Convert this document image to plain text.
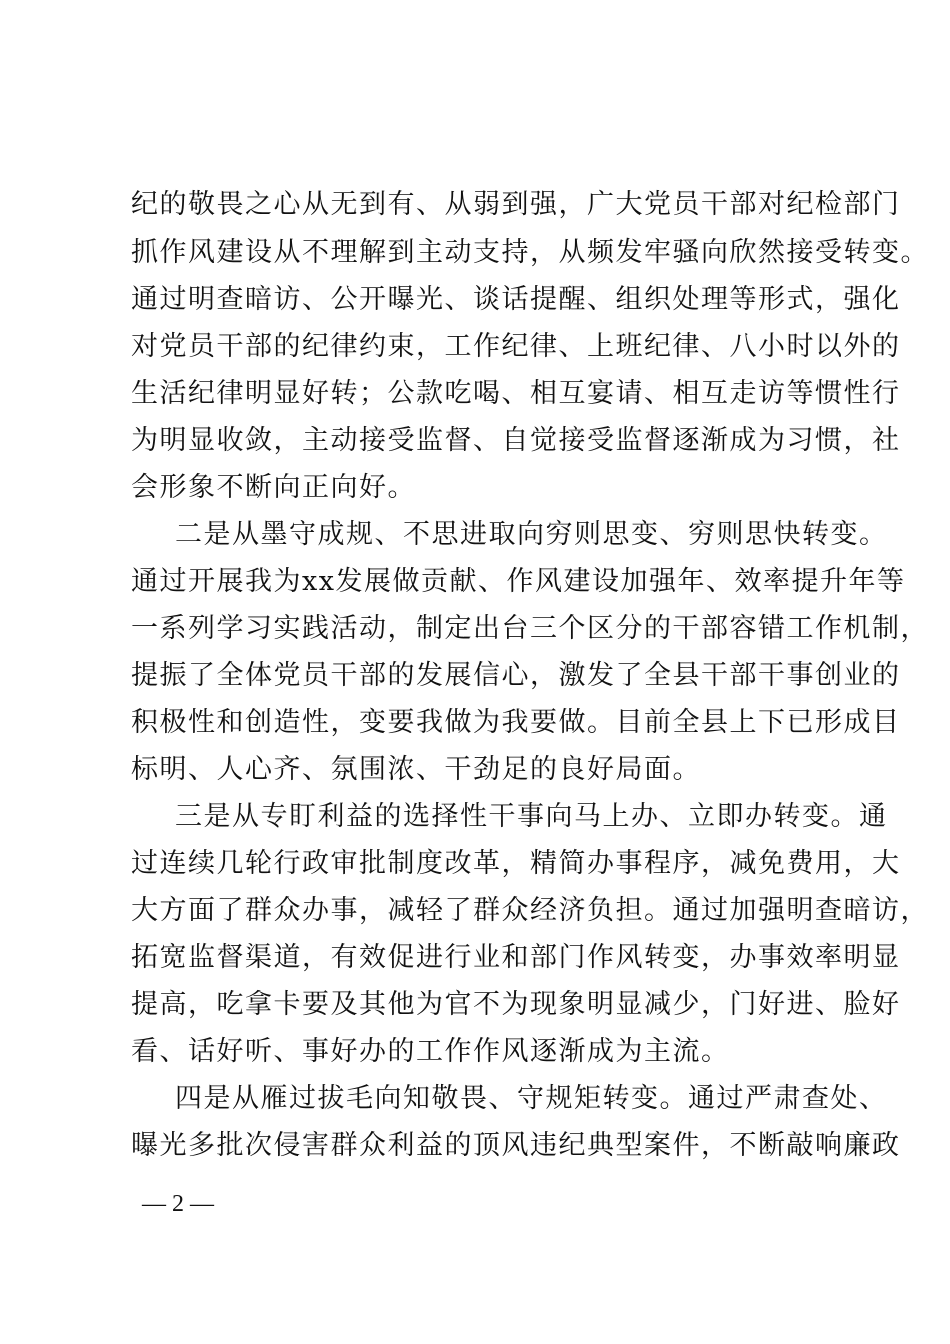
纪的敬畏之心从无到有、从弱到强，广大党员干部对纪检部门
抓作风建设从不理解到主动支持，从频发牢骚向欣然接受转变。
通过明查暗访、公开曝光、谈话提醒、组织处理等形式，强化
对党员干部的纪律约束，工作纪律、上班纪律、八小时以外的
生活纪律明显好转；公款吃喝、相互宴请、相互走访等惯性行
为明显收敛，主动接受监督、自觉接受监督逐渐成为习惯，社
会形象不断向正向好。
二是从墨守成规、不思进取向穷则思变、穷则思快转变。
通过开展我为xx发展做贡献、作风建设加强年、效率提升年等
一系列学习实践活动，制定出台三个区分的干部容错工作机制，
提振了全体党员干部的发展信心，激发了全县干部干事创业的
积极性和创造性，变要我做为我要做。目前全县上下已形成目
标明、人心齐、氛围浓、干劲足的良好局面。
三是从专盯利益的选择性干事向马上办、立即办转变。通
过连续几轮行政审批制度改革，精简办事程序，减免费用，大
大方面了群众办事，减轻了群众经济负担。通过加强明查暗访，
拓宽监督渠道，有效促进行业和部门作风转变，办事效率明显
提高，吃拿卡要及其他为官不为现象明显减少，门好进、脸好
看、话好听、事好办的工作作风逐渐成为主流。
四是从雁过拔毛向知敬畏、守规矩转变。通过严肃查处、
曝光多批次侵害群众利益的顶风违纪典型案件，不断敲响廉政
— 2 —
